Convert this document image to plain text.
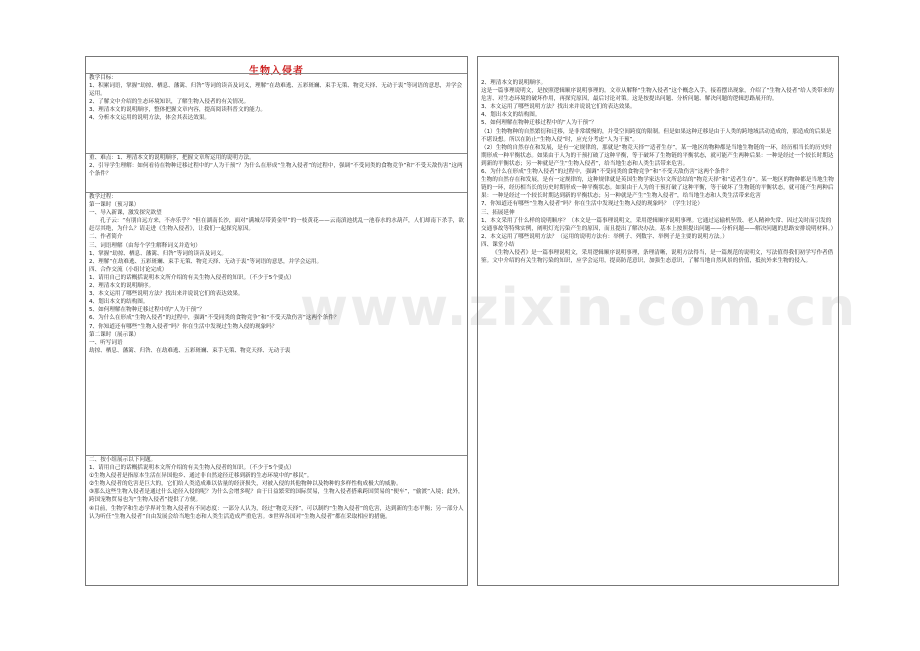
生物入侵者
www.zixin.com.cn

教学目标：

1、积累词语，掌握“劫掠、栖息、藩篱、归咎”等词的读音及词义，理解“在劫难逃、五彩斑斓、束手无策、物竞天择、无动于衷”等词语的意思，并学会运用。

2、了解文中介绍的生态环境知识，了解生物入侵者的有关情况。

3、理清本文的说明顺序，整体把握文章内容，提高阅读科普文的能力。

4、分析本文运用的说明方法，体会其表达效果。

重、难点：1、理清本文的说明顺序，把握文章所运用的说明方法。

2、引导学生理解：如何看待在物种迁移过程中的“人为干预”？为什么在形成“生物入侵者”的过程中，强调“不受同类的食物竞争”和“不受天敌伤害”这两个条件？

教学过程：

第一课时（预习课）

一、导入新课，激发探究欲望

孔子云：“有朋自远方来，不亦乐乎？”但在湖南长沙，面对“满城尽带黄金甲”的一枝黄花——云南滇池扰乱一池春水的水葫芦，人们却南下杀手，欲赶尽其绝，为什么？请走进《生物入侵者》，让我们一起探究原因。

二、作者简介

三、词语理解（由每个学生解释词义并造句）

1、掌握“劫掠、栖息、藩篱、归咎”等词的读音及词义。

2、理解“在劫难逃、五彩斑斓、束手无策、物竞天择、无动于衷”等词语的意思，并学会运用。

四、合作交流（小组讨论完成）

1、请用自己的话概括说明本文所介绍的有关生物入侵者的知识。（不少于5个要点）

2、理清本文的说明顺序。

3、本文运用了哪些说明方法？找出来并说说它们的表达效果。

4、划出本文的结构图。

5、如何理解在物种迁移过程中的“人为干预”？

6、为什么在形成“生物入侵者”的过程中，强调“不受同类的食物竞争”和“不受天敌伤害”这两个条件？

7、你知道还有哪些“生物入侵者”吗？你在生活中发现过生物入侵的现象吗？

第二课时（展示课）

一、听写词语

劫掠、栖息、藩篱、归咎、在劫难逃、五彩斑斓、束手无策、物竞天择、无动于衷

二、按小组展示以下问题。

1、请用自己的话概括说明本文所介绍的有关生物入侵者的知识。（不少于5个要点）

①生物入侵者是指原本生活在异国他乡、通过非自然途径迁移到新的生态环境中的“移民”。

②生物入侵者的危害是巨大的，它们给人类造成难以估量的经济损失，对被入侵的其他物种以及物种的多样性构成极大的威胁。

③那么这些生物入侵者是通过什么途径入侵的呢？为什么会增多呢？由于日益繁荣的国际贸易，生物入侵者搭乘跨国贸易的“便车”，“偷渡”入境；此外，跨国宠物贸易也为“生物入侵者”提供了方便。

④目前，生物学和生态学界对生物入侵者有不同态度：一部分人认为，经过“物竞天择”，可以制约“生物入侵者”的危害，达到新的生态平衡；另一部分人认为听任“生物入侵者”自由发展会给当地生态和人类生活造成严重危害。⑤世界各国对“生物入侵者”都在采取相应的措施。

2、理清本文的说明顺序。

这是一篇事理说明文，是按照逻辑顺序说明事理的。文章从解释“生物入侵者”这个概念入手，接着摆出现象，介绍了“生物入侵者”给人类带来的危害、对生态环境的破坏作用，再探究原因，最后讨论对策。这是按提出问题、分析问题、解决问题的逻辑思路展开的。

3、本文运用了哪些说明方法？找出来并说说它们的表达效果。

4、划出本文的结构图。

5、如何理解在物种迁移过程中的“人为干预”？

（1）生物物种的自然繁衍和迁移，是非常缓慢的，并受空间跨度的限制。但是如果这种迁移是由于人类的跨地域活动造成的，那造成的后果是不堪设想。所以在防止“生物入侵”时，应充分考虑“人为干预”。

（2）生物的自然存在和发展，是有一定规律的，那就是“物竞天择”“适者生存”，某一地区的物种都是当地生物链的一环，经历相当长的历史时期形成一种平衡状态。如果由于人为的干预打破了这种平衡，等于破坏了生物链的平衡状态，就可能产生两种后果：一种是经过一个较长时期达到新的平衡状态；另一种就是产生“生物入侵者”，给当地生态和人类生活带来危害。

6、为什么在形成“生物入侵者”的过程中，强调“不受同类的食物竞争”和“不受天敌伤害”这两个条件？

生物的自然存在和发展，是有一定规律的，这种规律就是英国生物学家达尔文所总结的“物竞天择”和“适者生存”。某一地区的物种都是当地生物链的一环，经历相当长的历史时期形成一种平衡状态。如果由于人为的干预打破了这种平衡，等于破坏了生物链的平衡状态，就可能产生两种后果：一种是经过一个较长时期达到新的平衡状态；另一种就是产生“生物入侵者”，给当地生态和人类生活带来危害

7、你知道还有哪些“生物入侵者”吗？你在生活中发现过生物入侵的现象吗？（学生讨论）

三、拓展延伸

1、本文采用了什么样的说明顺序？（本文是一篇事理说明文，采用逻辑顺序说明事理。它通过运输机坠毁、老人精神失常、因过关时而引发的交通事故等特殊实例，阐明灯光污染产生的原因，而且提出了解决办法。基本上按照提出问题——分析问题——解决问题的思路安排说明材料。）

2、本文运用了哪些说明方法？（运用的说明方法有：举例子、列数字、举例子是主要的说明方法。）

四、课堂小结

《生物入侵者》是一篇事理说明文，采用逻辑顺序说明事理，条理清晰，说明方法得当，是一篇规范的说明文，写法值得我们初学写作者借鉴。文中介绍的有关生物污染的知识，应学会运用，提高防范意识，加强生态意识，了解当地自然风景的价值，抵抗外来生物的侵入。
